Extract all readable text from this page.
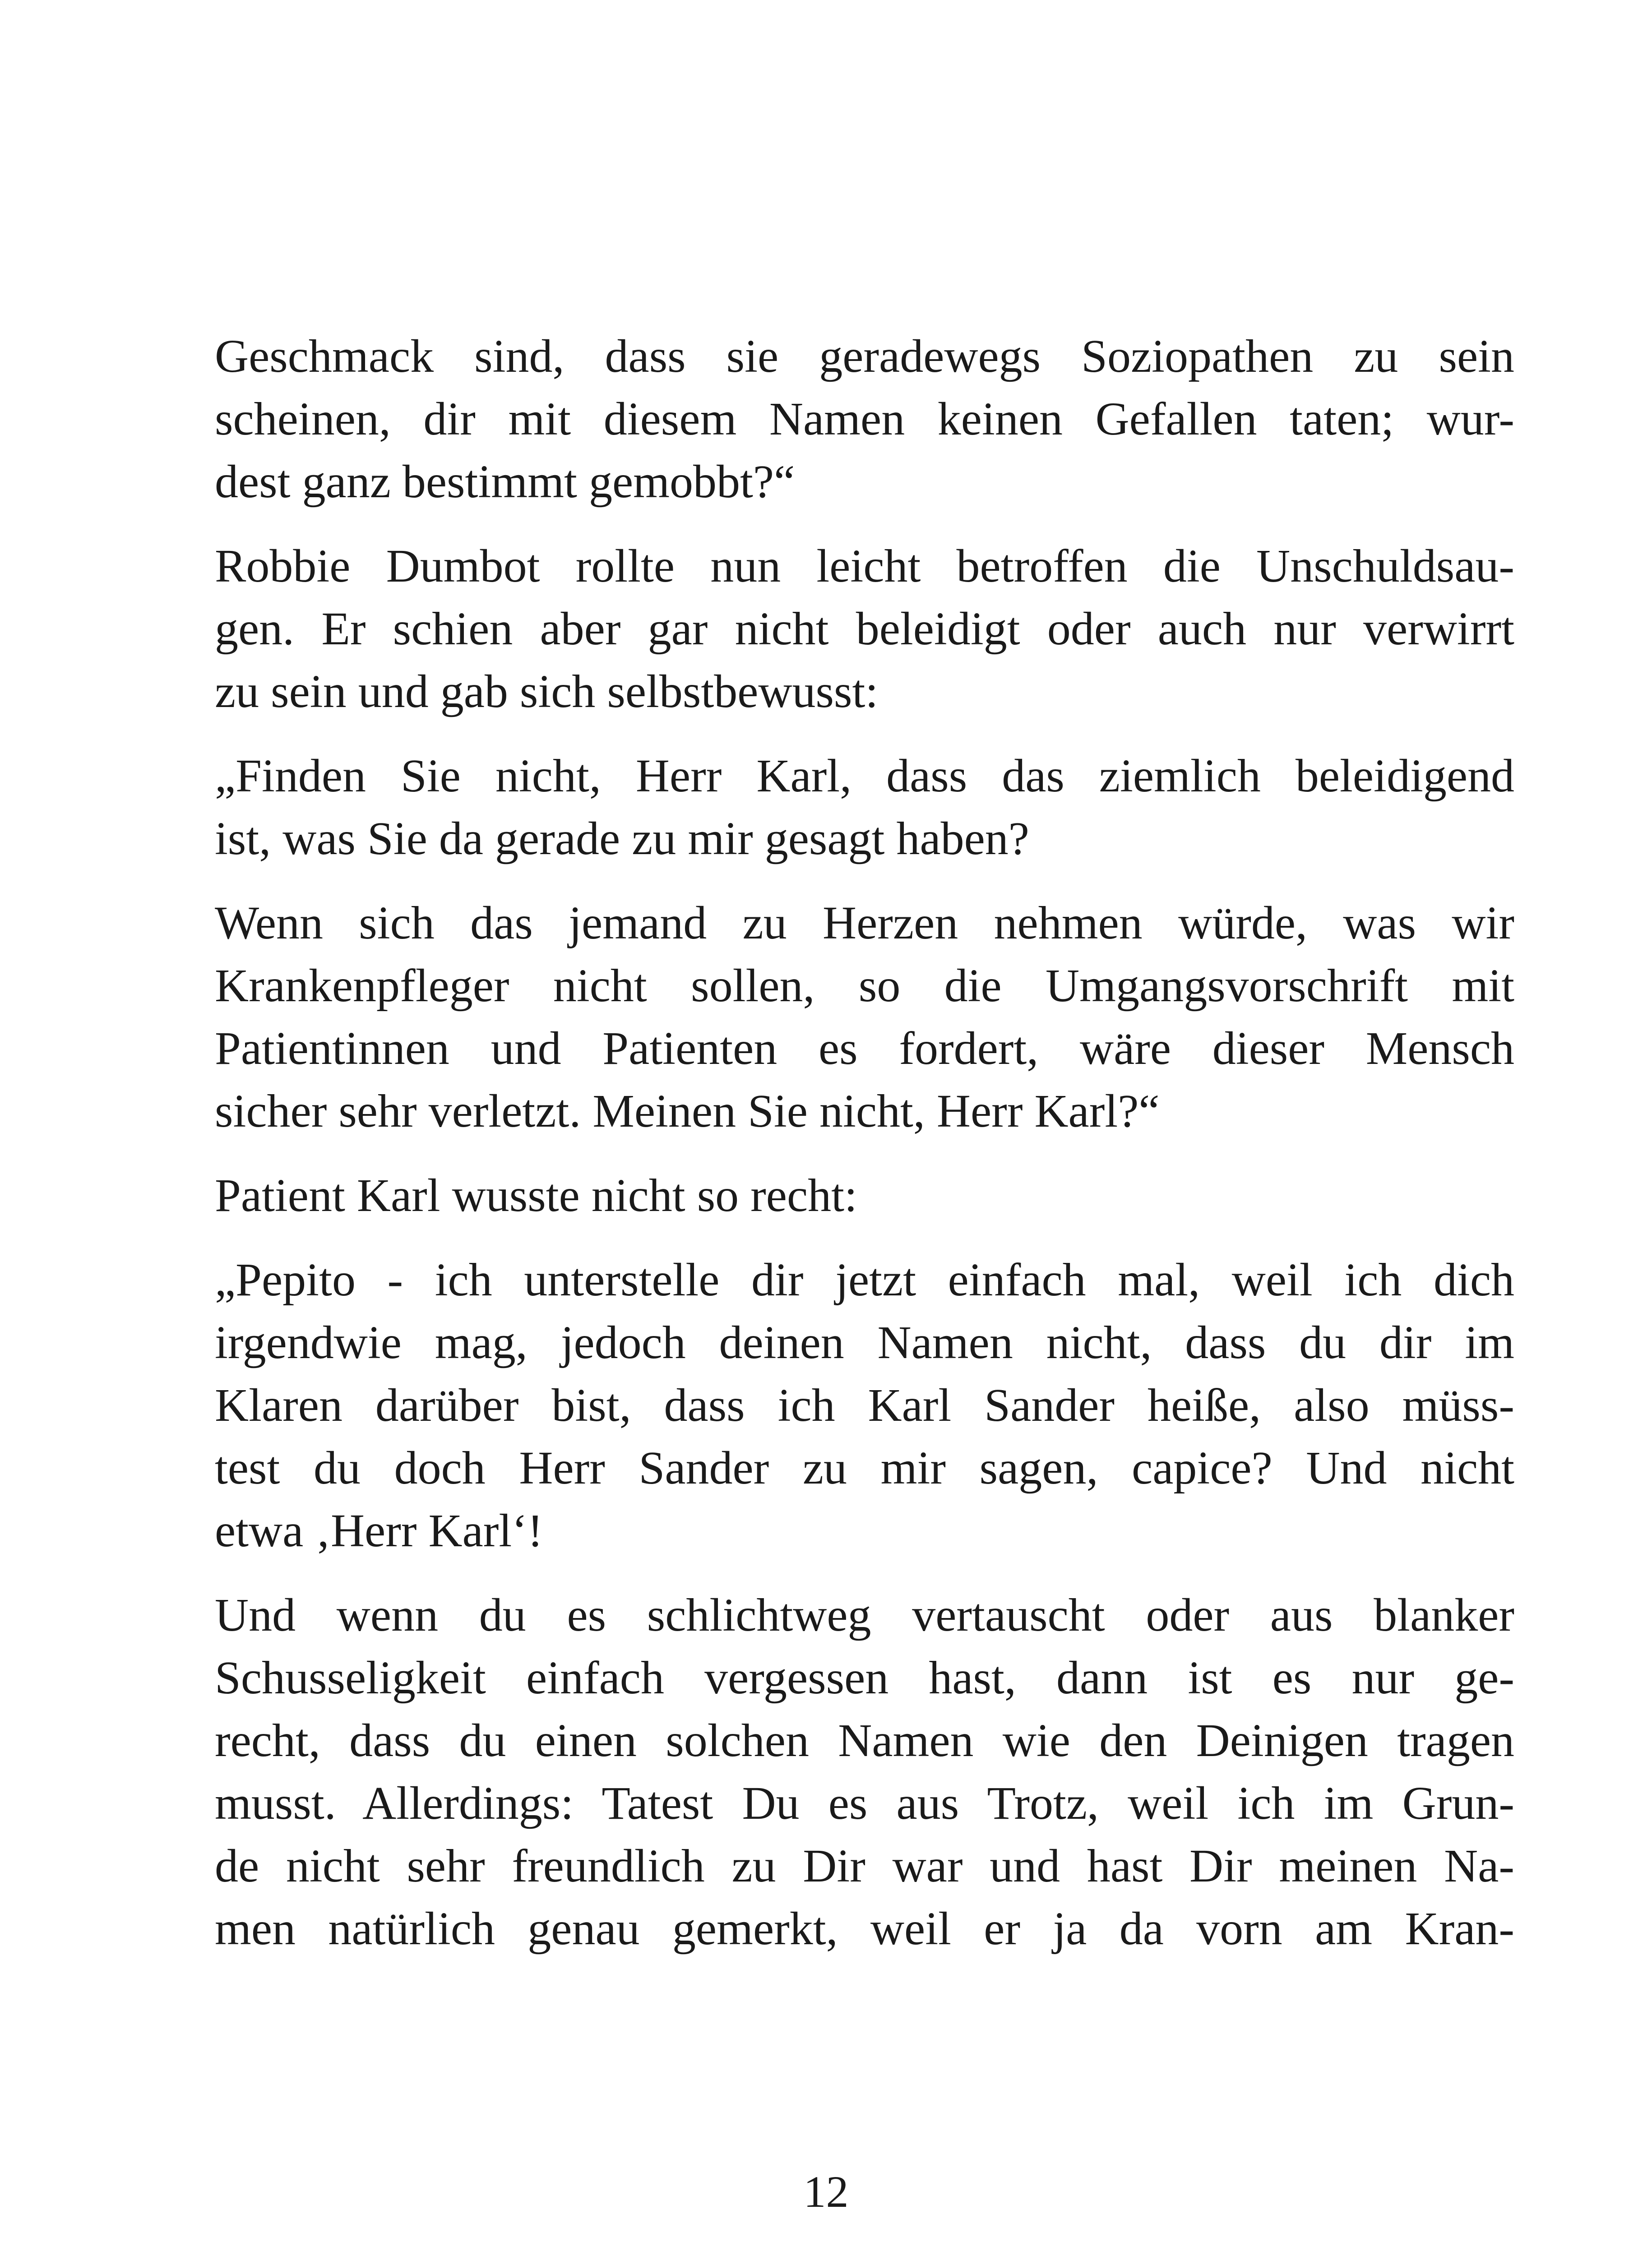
Geschmack sind, dass sie geradewegs Soziopathen zu sein
scheinen, dir mit diesem Namen keinen Gefallen taten; wur-
dest ganz bestimmt gemobbt?“
Robbie Dumbot rollte nun leicht betroffen die Unschuldsau-
gen. Er schien aber gar nicht beleidigt oder auch nur verwirrt
zu sein und gab sich selbstbewusst:
„Finden Sie nicht, Herr Karl, dass das ziemlich beleidigend
ist, was Sie da gerade zu mir gesagt haben?
Wenn sich das jemand zu Herzen nehmen würde, was wir
Krankenpfleger nicht sollen, so die Umgangsvorschrift mit
Patientinnen und Patienten es fordert, wäre dieser Mensch
sicher sehr verletzt. Meinen Sie nicht, Herr Karl?“
Patient Karl wusste nicht so recht:
„Pepito - ich unterstelle dir jetzt einfach mal, weil ich dich
irgendwie mag, jedoch deinen Namen nicht, dass du dir im
Klaren darüber bist, dass ich Karl Sander heiße, also müss-
test du doch Herr Sander zu mir sagen, capice? Und nicht
etwa ‚Herr Karl‘!
Und wenn du es schlichtweg vertauscht oder aus blanker
Schusseligkeit einfach vergessen hast, dann ist es nur ge-
recht, dass du einen solchen Namen wie den Deinigen tragen
musst. Allerdings: Tatest Du es aus Trotz, weil ich im Grun-
de nicht sehr freundlich zu Dir war und hast Dir meinen Na-
men natürlich genau gemerkt, weil er ja da vorn am Kran-
12
